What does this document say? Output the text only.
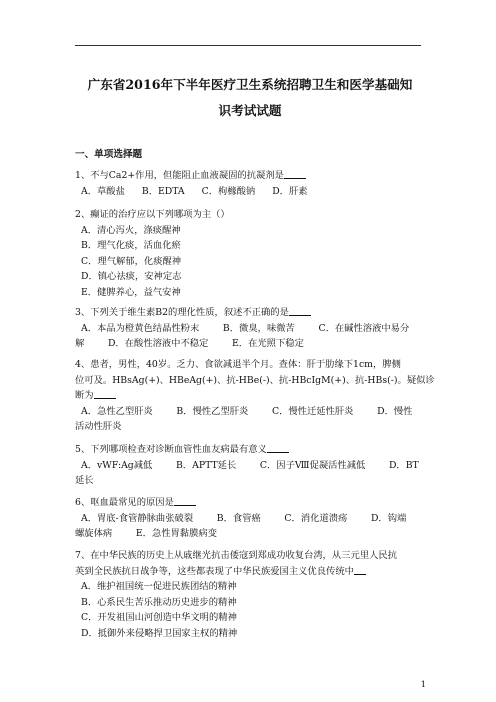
广东省2016年下半年医疗卫生系统招聘卫生和医学基础知
识考试试题
一、单项选择题
1、不与Ca2+作用，但能阻止血液凝固的抗凝剂是
A．草酸盐 B．EDTA C．枸橼酸钠 D．肝素
2、癫证的治疗应以下列哪项为主（）
A．清心泻火，涤痰醒神
B．理气化痰，活血化瘀
C．理气解郁，化痰醒神
D．镇心祛痰，安神定志
E．健脾养心，益气安神
3、下列关于维生素B2的理化性质，叙述不正确的是
A．本品为橙黄色结晶性粉末        B．微臭，味微苦        C．在碱性溶液中易分
解        D．在酸性溶液中不稳定        E．在光照下稳定
4、患者，男性，40岁。乏力、食欲减退半个月。查体：肝于肋缘下1cm，脾侧
位可及。HBsAg(+)、HBeAg(+)、抗-HBe(-)、抗-HBcIgM(+)、抗-HBs(-)。疑似诊
断为
A．急性乙型肝炎        B．慢性乙型肝炎        C．慢性迁延性肝炎        D．慢性
活动性肝炎
5、下列哪项检查对诊断血管性血友病最有意义
A．vWF:Ag减低        B．APTT延长        C．因子Ⅷ促凝活性减低        D．BT
延长
6、呕血最常见的原因是
A．胃底-食管静脉曲张破裂        B．食管癌        C．消化道溃疡        D．钩端
螺旋体病        E．急性胃黏膜病变
7、在中华民族的历史上从戚继光抗击倭寇到郑成功收复台湾，从三元里人民抗
英到全民族抗日战争等，这些都表现了中华民族爱国主义优良传统中
A．维护祖国统一促进民族团结的精神
B．心系民生苦乐推动历史进步的精神
C．开发祖国山河创造中华文明的精神
D．抵御外来侵略捍卫国家主权的精神
1
